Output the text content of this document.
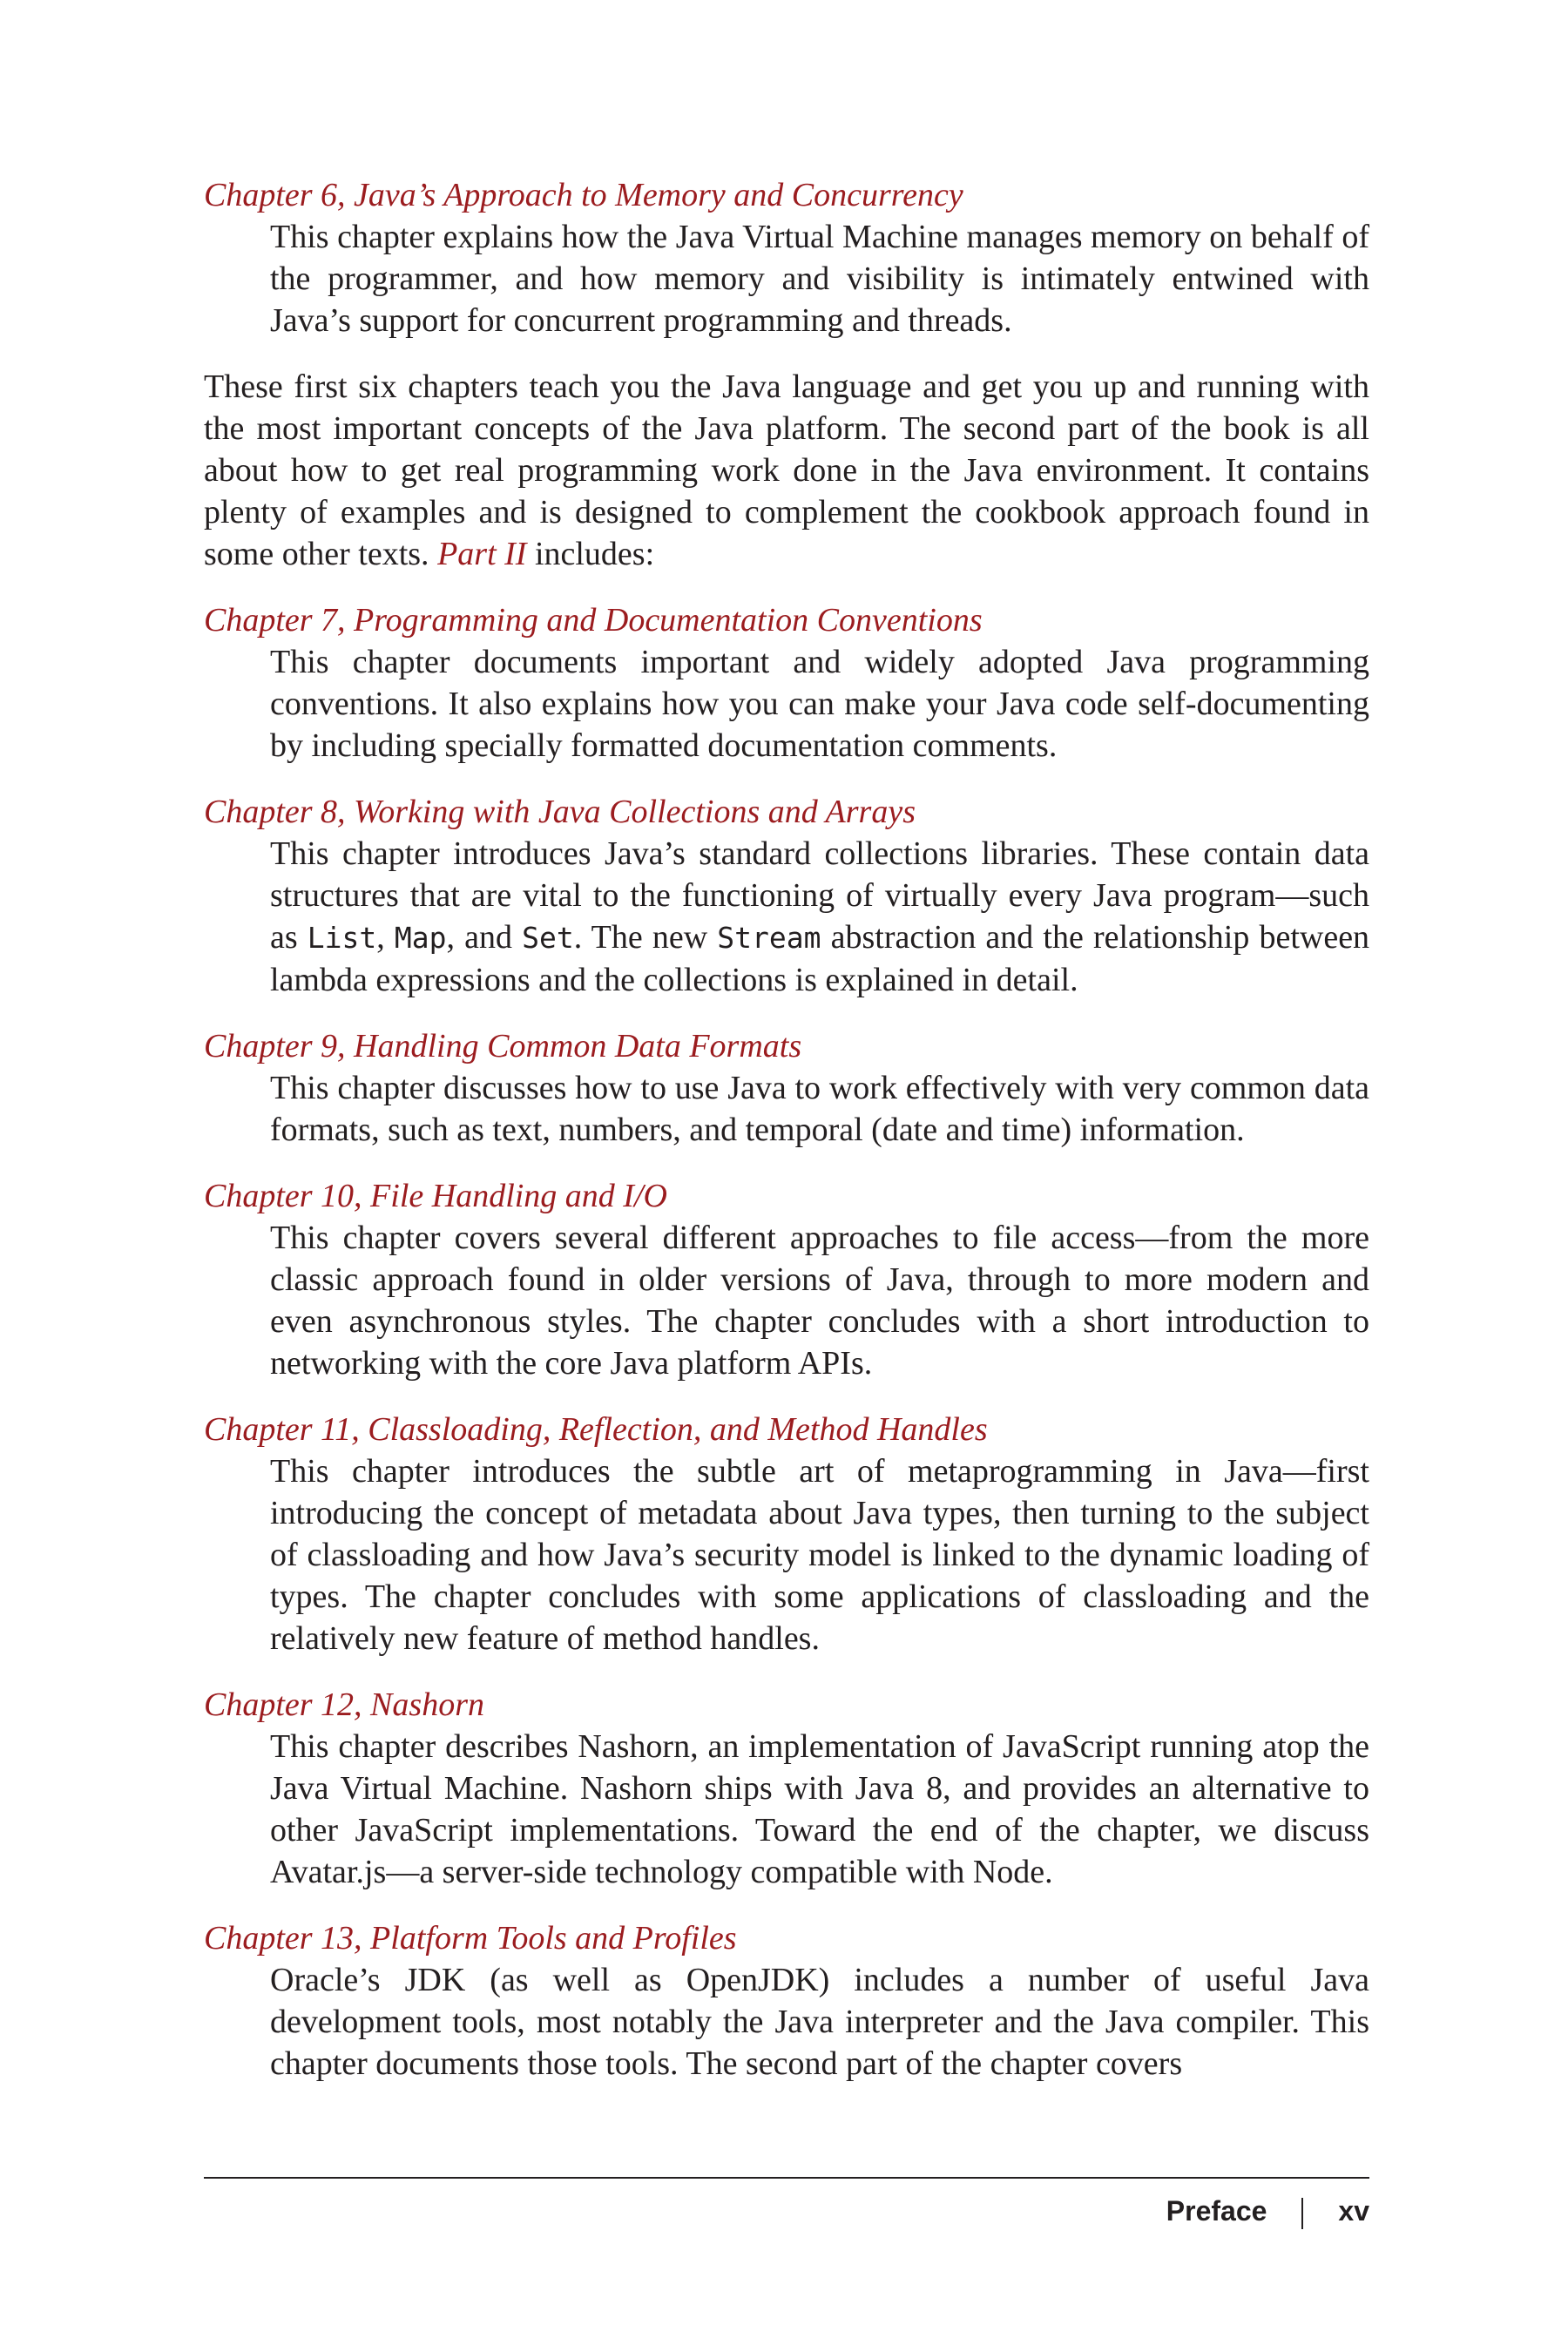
Chapter 6, Java’s Approach to Memory and Concurrency

This chapter explains how the Java Virtual Machine manages memory on behalf of the programmer, and how memory and visibility is intimately entwined with Java’s support for concurrent programming and threads.

These first six chapters teach you the Java language and get you up and running with the most important concepts of the Java platform. The second part of the book is all about how to get real programming work done in the Java environment. It contains plenty of examples and is designed to complement the cookbook approach found in some other texts. Part II includes:

Chapter 7, Programming and Documentation Conventions

This chapter documents important and widely adopted Java programming conventions. It also explains how you can make your Java code self-documenting by including specially formatted documentation comments.

Chapter 8, Working with Java Collections and Arrays

This chapter introduces Java’s standard collections libraries. These contain data structures that are vital to the functioning of virtually every Java program—such as List, Map, and Set. The new Stream abstraction and the relationship between lambda expressions and the collections is explained in detail.

Chapter 9, Handling Common Data Formats

This chapter discusses how to use Java to work effectively with very common data formats, such as text, numbers, and temporal (date and time) information.

Chapter 10, File Handling and I/O

This chapter covers several different approaches to file access—from the more classic approach found in older versions of Java, through to more modern and even asynchronous styles. The chapter concludes with a short introduction to networking with the core Java platform APIs.

Chapter 11, Classloading, Reflection, and Method Handles

This chapter introduces the subtle art of metaprogramming in Java—first introducing the concept of metadata about Java types, then turning to the subject of classloading and how Java’s security model is linked to the dynamic loading of types. The chapter concludes with some applications of classloading and the relatively new feature of method handles.

Chapter 12, Nashorn

This chapter describes Nashorn, an implementation of JavaScript running atop the Java Virtual Machine. Nashorn ships with Java 8, and provides an alternative to other JavaScript implementations. Toward the end of the chapter, we discuss Avatar.js—a server-side technology compatible with Node.

Chapter 13, Platform Tools and Profiles

Oracle’s JDK (as well as OpenJDK) includes a number of useful Java development tools, most notably the Java interpreter and the Java compiler. This chapter documents those tools. The second part of the chapter covers

Preface	xv
